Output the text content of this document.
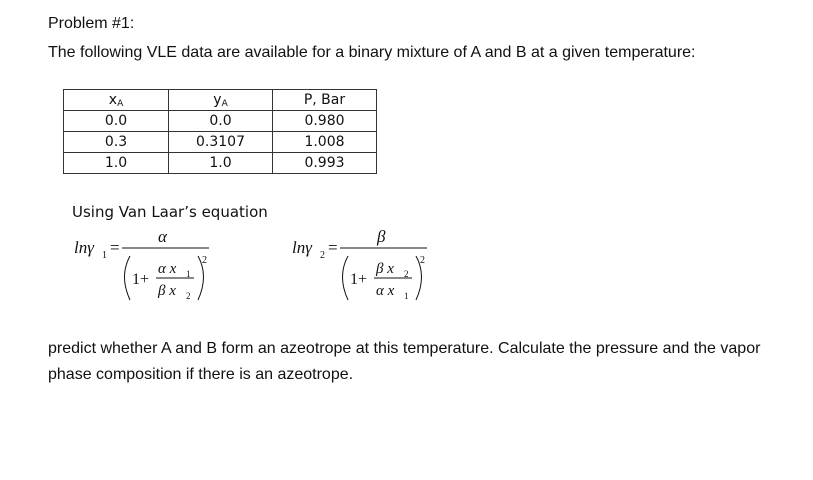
Problem #1:
The following VLE data are available for a binary mixture of A and B at a given temperature:
$x_A$	$y_A$	P, Bar
0.0	0.0	0.980
0.3	0.3107	1.008
1.0	1.0	0.993
Using Van Laar’s equation
lnγ 1 =
α
2
1+
α x 1
β x 2
lnγ 2 =
β
2
1+
β x 2
α x 1
predict whether A and B form an azeotrope at this temperature. Calculate the pressure and the vapor phase composition if there is an azeotrope.
